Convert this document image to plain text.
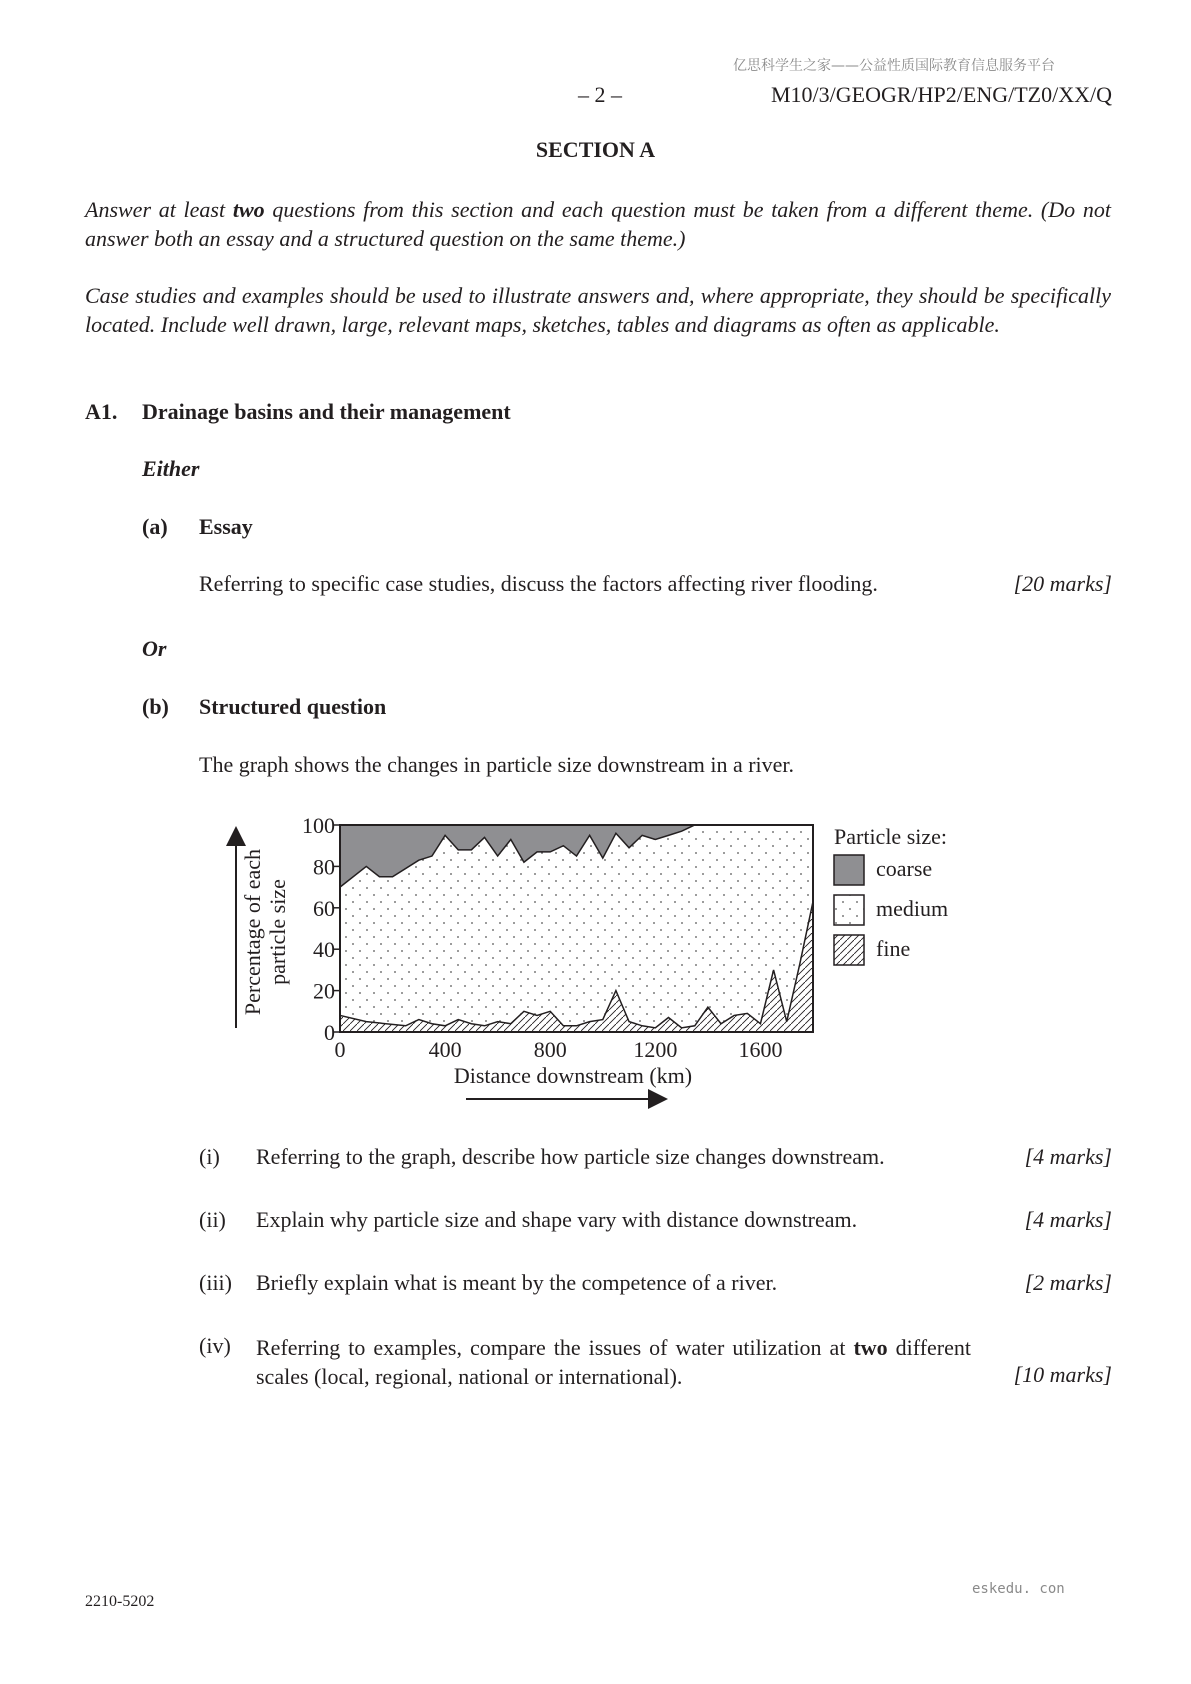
亿思科学生之家——公益性质国际教育信息服务平台
– 2 –	M10/3/GEOGR/HP2/ENG/TZ0/XX/Q
SECTION A
Answer at least two questions from this section and each question must be taken from a different theme. (Do not answer both an essay and a structured question on the same theme.)
Case studies and examples should be used to illustrate answers and, where appropriate, they should be specifically located. Include well drawn, large, relevant maps, sketches, tables and diagrams as often as applicable.
A1. Drainage basins and their management
Either
(a) Essay
Referring to specific case studies, discuss the factors affecting river flooding.	[20 marks]
Or
(b) Structured question
The graph shows the changes in particle size downstream in a river.
0
20
40
60
80
100
0	400	800	1200	1600
Percentage of each particle size
Distance downstream (km)
Particle size:
coarse
medium
fine
(i) Referring to the graph, describe how particle size changes downstream.	[4 marks]
(ii) Explain why particle size and shape vary with distance downstream.	[4 marks]
(iii) Briefly explain what is meant by the competence of a river.	[2 marks]
(iv) Referring to examples, compare the issues of water utilization at two different scales (local, regional, national or international).	[10 marks]
2210-5202
eskedu. con
